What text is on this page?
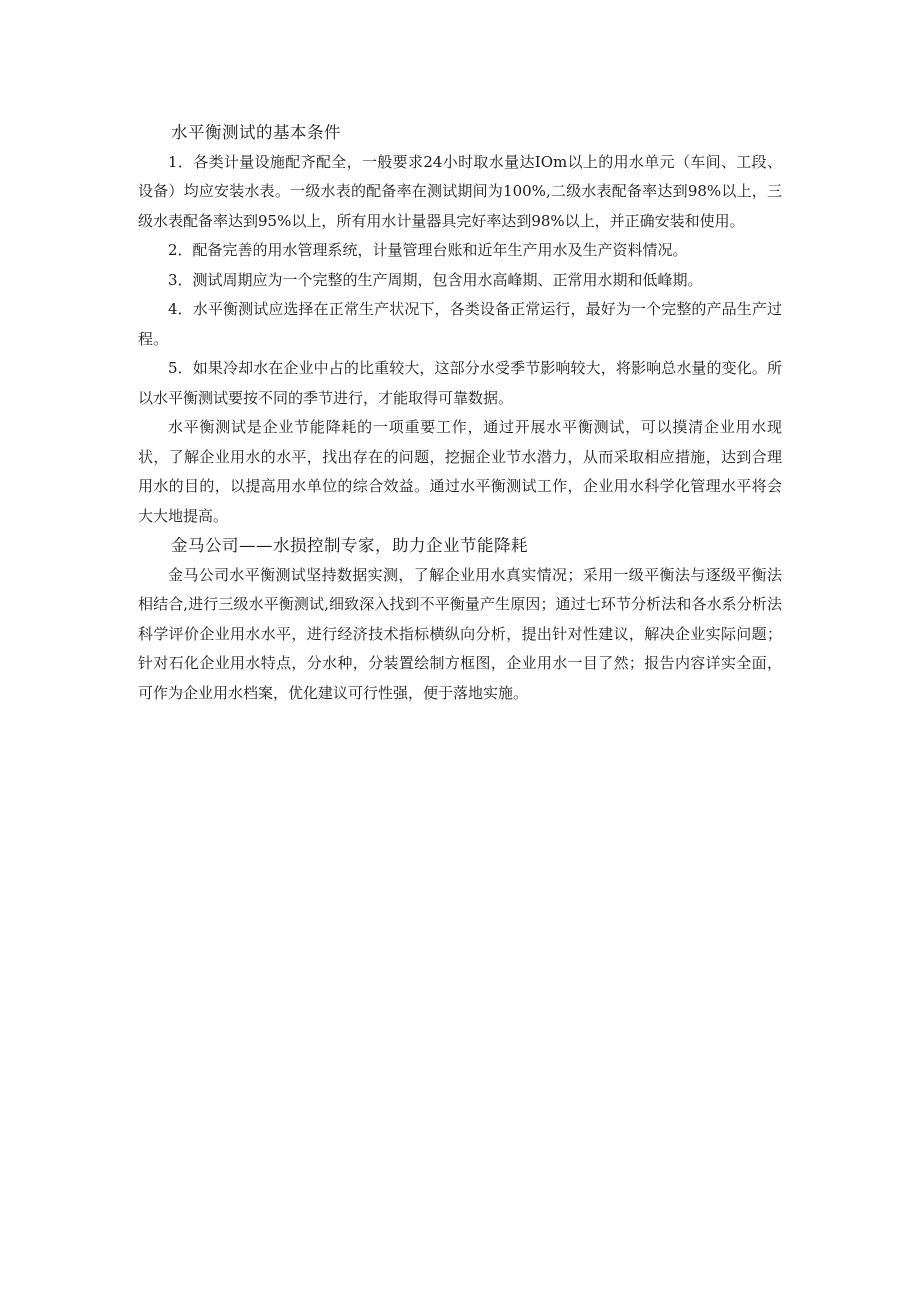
水平衡测试的基本条件

1．各类计量设施配齐配全，一般要求24小时取水量达IOm以上的用水单元（车间、工段、设备）均应安装水表。一级水表的配备率在测试期间为100%,二级水表配备率达到98%以上，三级水表配备率达到95%以上，所有用水计量器具完好率达到98%以上，并正确安装和使用。

2．配备完善的用水管理系统，计量管理台账和近年生产用水及生产资料情况。

3．测试周期应为一个完整的生产周期，包含用水高峰期、正常用水期和低峰期。

4．水平衡测试应选择在正常生产状况下，各类设备正常运行，最好为一个完整的产品生产过程。

5．如果冷却水在企业中占的比重较大，这部分水受季节影响较大，将影响总水量的变化。所以水平衡测试要按不同的季节进行，才能取得可靠数据。

水平衡测试是企业节能降耗的一项重要工作，通过开展水平衡测试，可以摸清企业用水现状，了解企业用水的水平，找出存在的问题，挖掘企业节水潜力，从而采取相应措施，达到合理用水的目的，以提高用水单位的综合效益。通过水平衡测试工作，企业用水科学化管理水平将会大大地提高。

金马公司——水损控制专家，助力企业节能降耗

金马公司水平衡测试坚持数据实测，了解企业用水真实情况；采用一级平衡法与逐级平衡法相结合,进行三级水平衡测试,细致深入找到不平衡量产生原因；通过七环节分析法和各水系分析法科学评价企业用水水平，进行经济技术指标横纵向分析，提出针对性建议，解决企业实际问题；针对石化企业用水特点，分水种，分装置绘制方框图，企业用水一目了然；报告内容详实全面，可作为企业用水档案，优化建议可行性强，便于落地实施。
